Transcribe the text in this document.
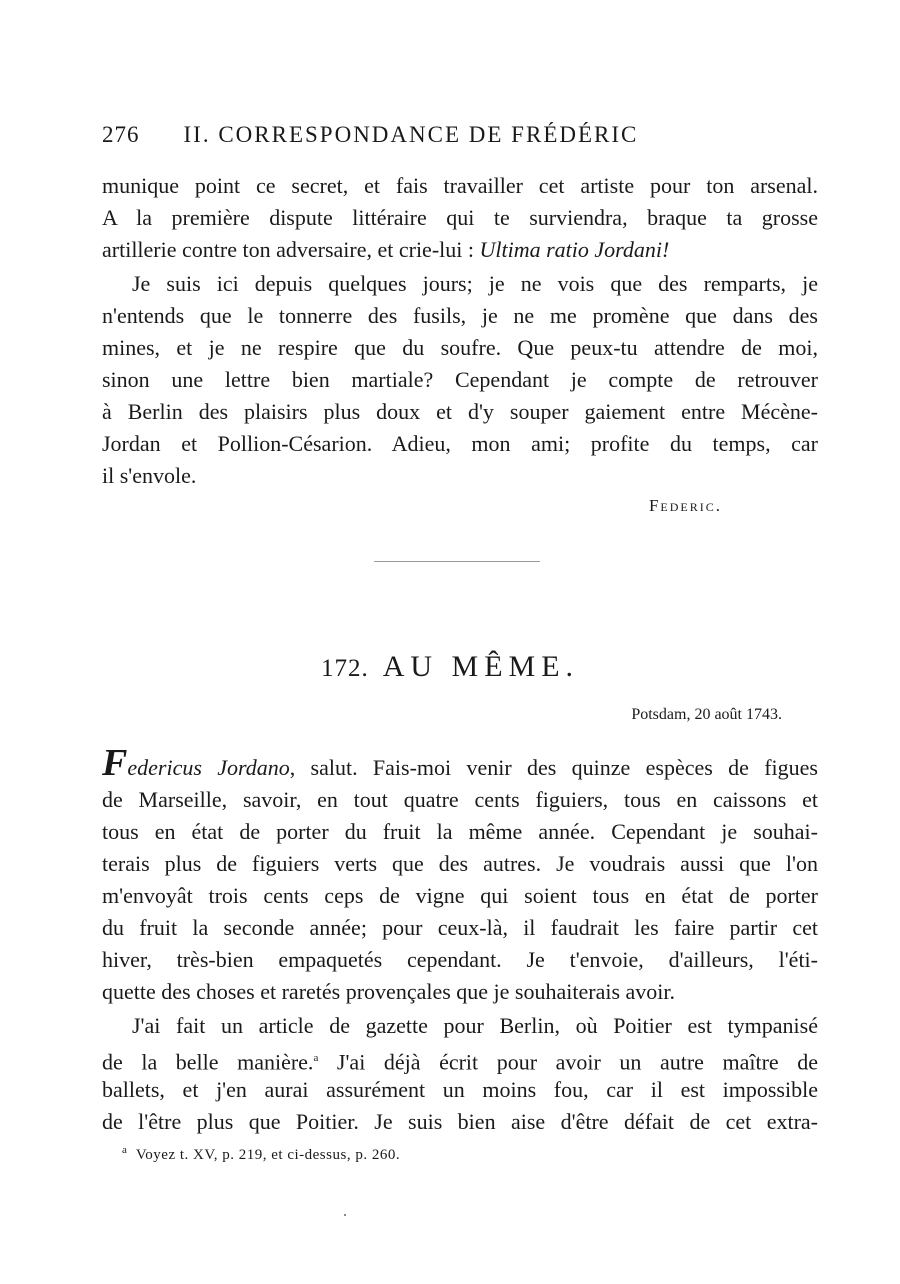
276 II. CORRESPONDANCE DE FRÉDÉRIC
munique point ce secret, et fais travailler cet artiste pour ton arsenal.
A la première dispute littéraire qui te surviendra, braque ta grosse
artillerie contre ton adversaire, et crie-lui : Ultima ratio Jordani!
Je suis ici depuis quelques jours; je ne vois que des remparts, je
n'entends que le tonnerre des fusils, je ne me promène que dans des
mines, et je ne respire que du soufre. Que peux-tu attendre de moi,
sinon une lettre bien martiale? Cependant je compte de retrouver
à Berlin des plaisirs plus doux et d'y souper gaiement entre Mécène-
Jordan et Pollion-Césarion. Adieu, mon ami; profite du temps, car
il s'envole.
Federic.
172. AU MÊME.
Potsdam, 20 août 1743.
Federicus Jordano, salut. Fais-moi venir des quinze espèces de figues
de Marseille, savoir, en tout quatre cents figuiers, tous en caissons et
tous en état de porter du fruit la même année. Cependant je souhai-
terais plus de figuiers verts que des autres. Je voudrais aussi que l'on
m'envoyât trois cents ceps de vigne qui soient tous en état de porter
du fruit la seconde année; pour ceux-là, il faudrait les faire partir cet
hiver, très-bien empaquetés cependant. Je t'envoie, d'ailleurs, l'éti-
quette des choses et raretés provençales que je souhaiterais avoir.
J'ai fait un article de gazette pour Berlin, où Poitier est tympanisé
de la belle manière.$^a$ J'ai déjà écrit pour avoir un autre maître de
ballets, et j'en aurai assurément un moins fou, car il est impossible
de l'être plus que Poitier. Je suis bien aise d'être défait de cet extra-
$^a$ Voyez t. XV, p. 219, et ci-dessus, p. 260.
